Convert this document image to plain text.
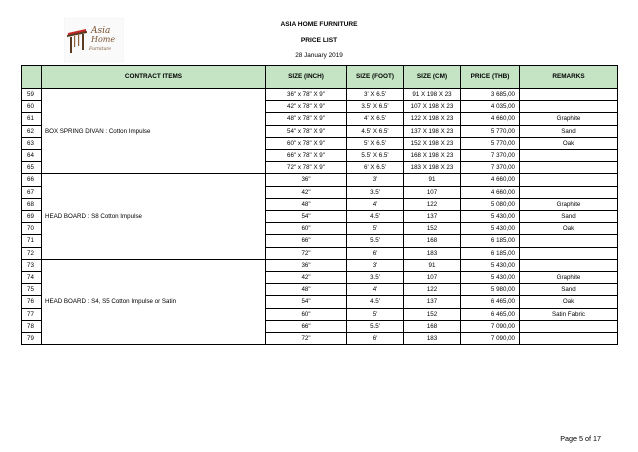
Asia
Home
Furniture
ASIA HOME FURNITURE
PRICE LIST
28 January 2019
	CONTRACT ITEMS	SIZE (INCH)	SIZE (FOOT)	SIZE (CM)	PRICE (THB)	REMARKS
59	BOX SPRING DIVAN : Cotton Impulse	36" x 78" X 9"	3' X 6.5'	91 X 198 X 23	3 685,00	
60		42" x 78" X 9"	3.5' X 6.5'	107 X 198 X 23	4 035,00	
61		48" x 78" X 9"	4' X 6.5'	122 X 198 X 23	4 660,00	Graphite
62		54" x 78" X 9"	4.5' X 6.5'	137 X 198 X 23	5 770,00	Sand
63		60" x 78" X 9"	5' X 6.5'	152 X 198 X 23	5 770,00	Oak
64		66" x 78" X 9"	5.5' X 6.5'	168 X 198 X 23	7 370,00	
65		72" x 78" X 9"	6' X 6.5'	183 X 198 X 23	7 370,00	
66	HEAD BOARD : S8 Cotton Impulse	36"	3'	91	4 660,00	
67		42"	3.5'	107	4 660,00	
68		48"	4'	122	5 080,00	Graphite
69		54"	4.5'	137	5 430,00	Sand
70		60"	5'	152	5 430,00	Oak
71		66"	5.5'	168	6 185,00	
72		72"	6'	183	6 185,00	
73	HEAD BOARD : S4, S5 Cotton Impulse or Satin	36"	3'	91	5 430,00	
74		42"	3.5'	107	5 430,00	Graphite
75		48"	4'	122	5 980,00	Sand
76		54"	4.5'	137	6 465,00	Oak
77		60"	5'	152	6 465,00	Satin Fabric
78		66"	5.5'	168	7 090,00	
79		72"	6'	183	7 090,00	
Page 5 of 17
